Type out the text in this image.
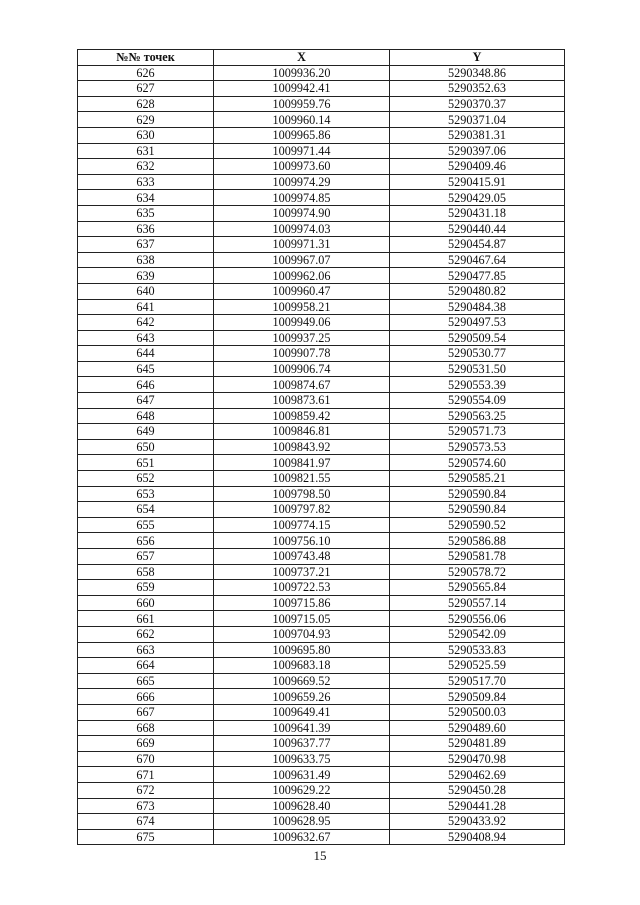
№№ точек	X	Y
626	1009936.20	5290348.86
627	1009942.41	5290352.63
628	1009959.76	5290370.37
629	1009960.14	5290371.04
630	1009965.86	5290381.31
631	1009971.44	5290397.06
632	1009973.60	5290409.46
633	1009974.29	5290415.91
634	1009974.85	5290429.05
635	1009974.90	5290431.18
636	1009974.03	5290440.44
637	1009971.31	5290454.87
638	1009967.07	5290467.64
639	1009962.06	5290477.85
640	1009960.47	5290480.82
641	1009958.21	5290484.38
642	1009949.06	5290497.53
643	1009937.25	5290509.54
644	1009907.78	5290530.77
645	1009906.74	5290531.50
646	1009874.67	5290553.39
647	1009873.61	5290554.09
648	1009859.42	5290563.25
649	1009846.81	5290571.73
650	1009843.92	5290573.53
651	1009841.97	5290574.60
652	1009821.55	5290585.21
653	1009798.50	5290590.84
654	1009797.82	5290590.84
655	1009774.15	5290590.52
656	1009756.10	5290586.88
657	1009743.48	5290581.78
658	1009737.21	5290578.72
659	1009722.53	5290565.84
660	1009715.86	5290557.14
661	1009715.05	5290556.06
662	1009704.93	5290542.09
663	1009695.80	5290533.83
664	1009683.18	5290525.59
665	1009669.52	5290517.70
666	1009659.26	5290509.84
667	1009649.41	5290500.03
668	1009641.39	5290489.60
669	1009637.77	5290481.89
670	1009633.75	5290470.98
671	1009631.49	5290462.69
672	1009629.22	5290450.28
673	1009628.40	5290441.28
674	1009628.95	5290433.92
675	1009632.67	5290408.94
15
